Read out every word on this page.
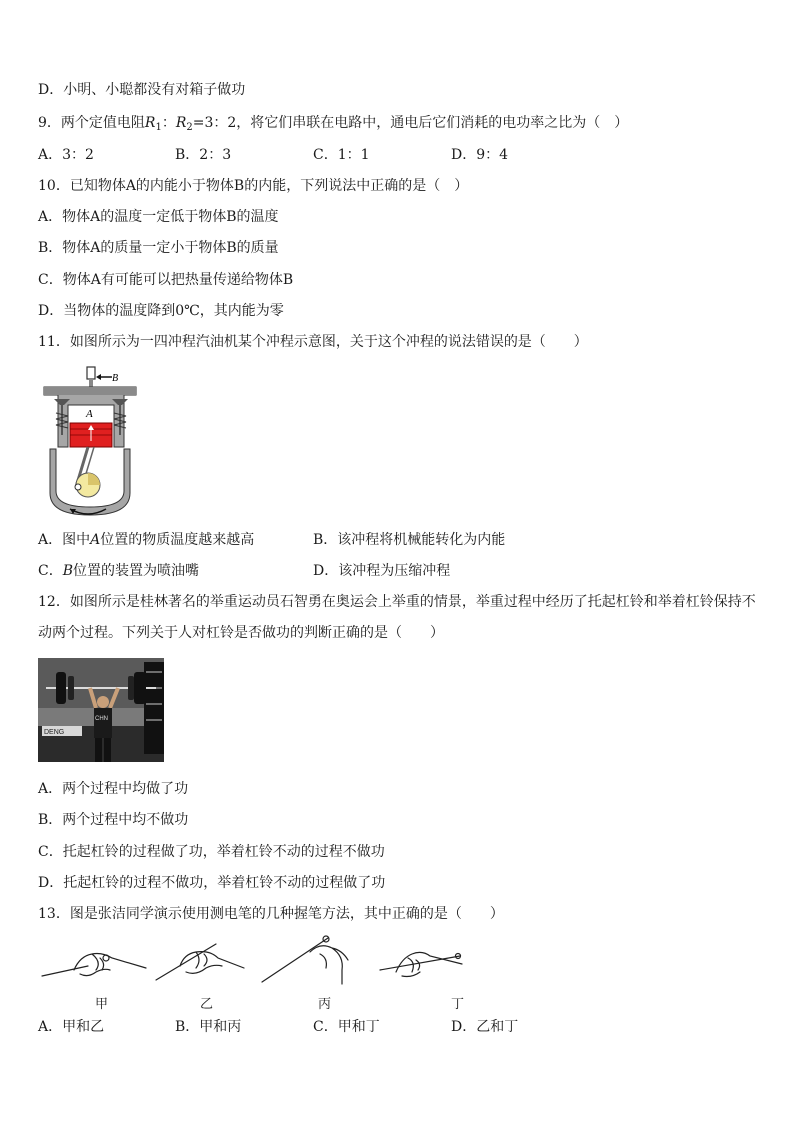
D．小明、小聪都没有对箱子做功
9．两个定值电阻$R_1$：$R_2=3$：2，将它们串联在电路中，通电后它们消耗的电功率之比为（　）
A．3：2	B．2：3	C．1：1	D．9：4
10．已知物体A的内能小于物体B的内能，下列说法中正确的是（　）
A．物体A的温度一定低于物体B的温度
B．物体A的质量一定小于物体B的质量
C．物体A有可能可以把热量传递给物体B
D．当物体的温度降到0℃，其内能为零
11．如图所示为一四冲程汽油机某个冲程示意图，关于这个冲程的说法错误的是（　　）
B
A
A．图中A位置的物质温度越来越高	B．该冲程将机械能转化为内能
C．B位置的装置为喷油嘴	D．该冲程为压缩冲程
12．如图所示是桂林著名的举重运动员石智勇在奥运会上举重的情景，举重过程中经历了托起杠铃和举着杠铃保持不动两个过程。下列关于人对杠铃是否做功的判断正确的是（　　）
DENG
CHN
A．两个过程中均做了功
B．两个过程中均不做功
C．托起杠铃的过程做了功，举着杠铃不动的过程不做功
D．托起杠铃的过程不做功，举着杠铃不动的过程做了功
13．图是张洁同学演示使用测电笔的几种握笔方法，其中正确的是（　　）
甲	乙	丙	丁
A．甲和乙	B．甲和丙	C．甲和丁	D．乙和丁
